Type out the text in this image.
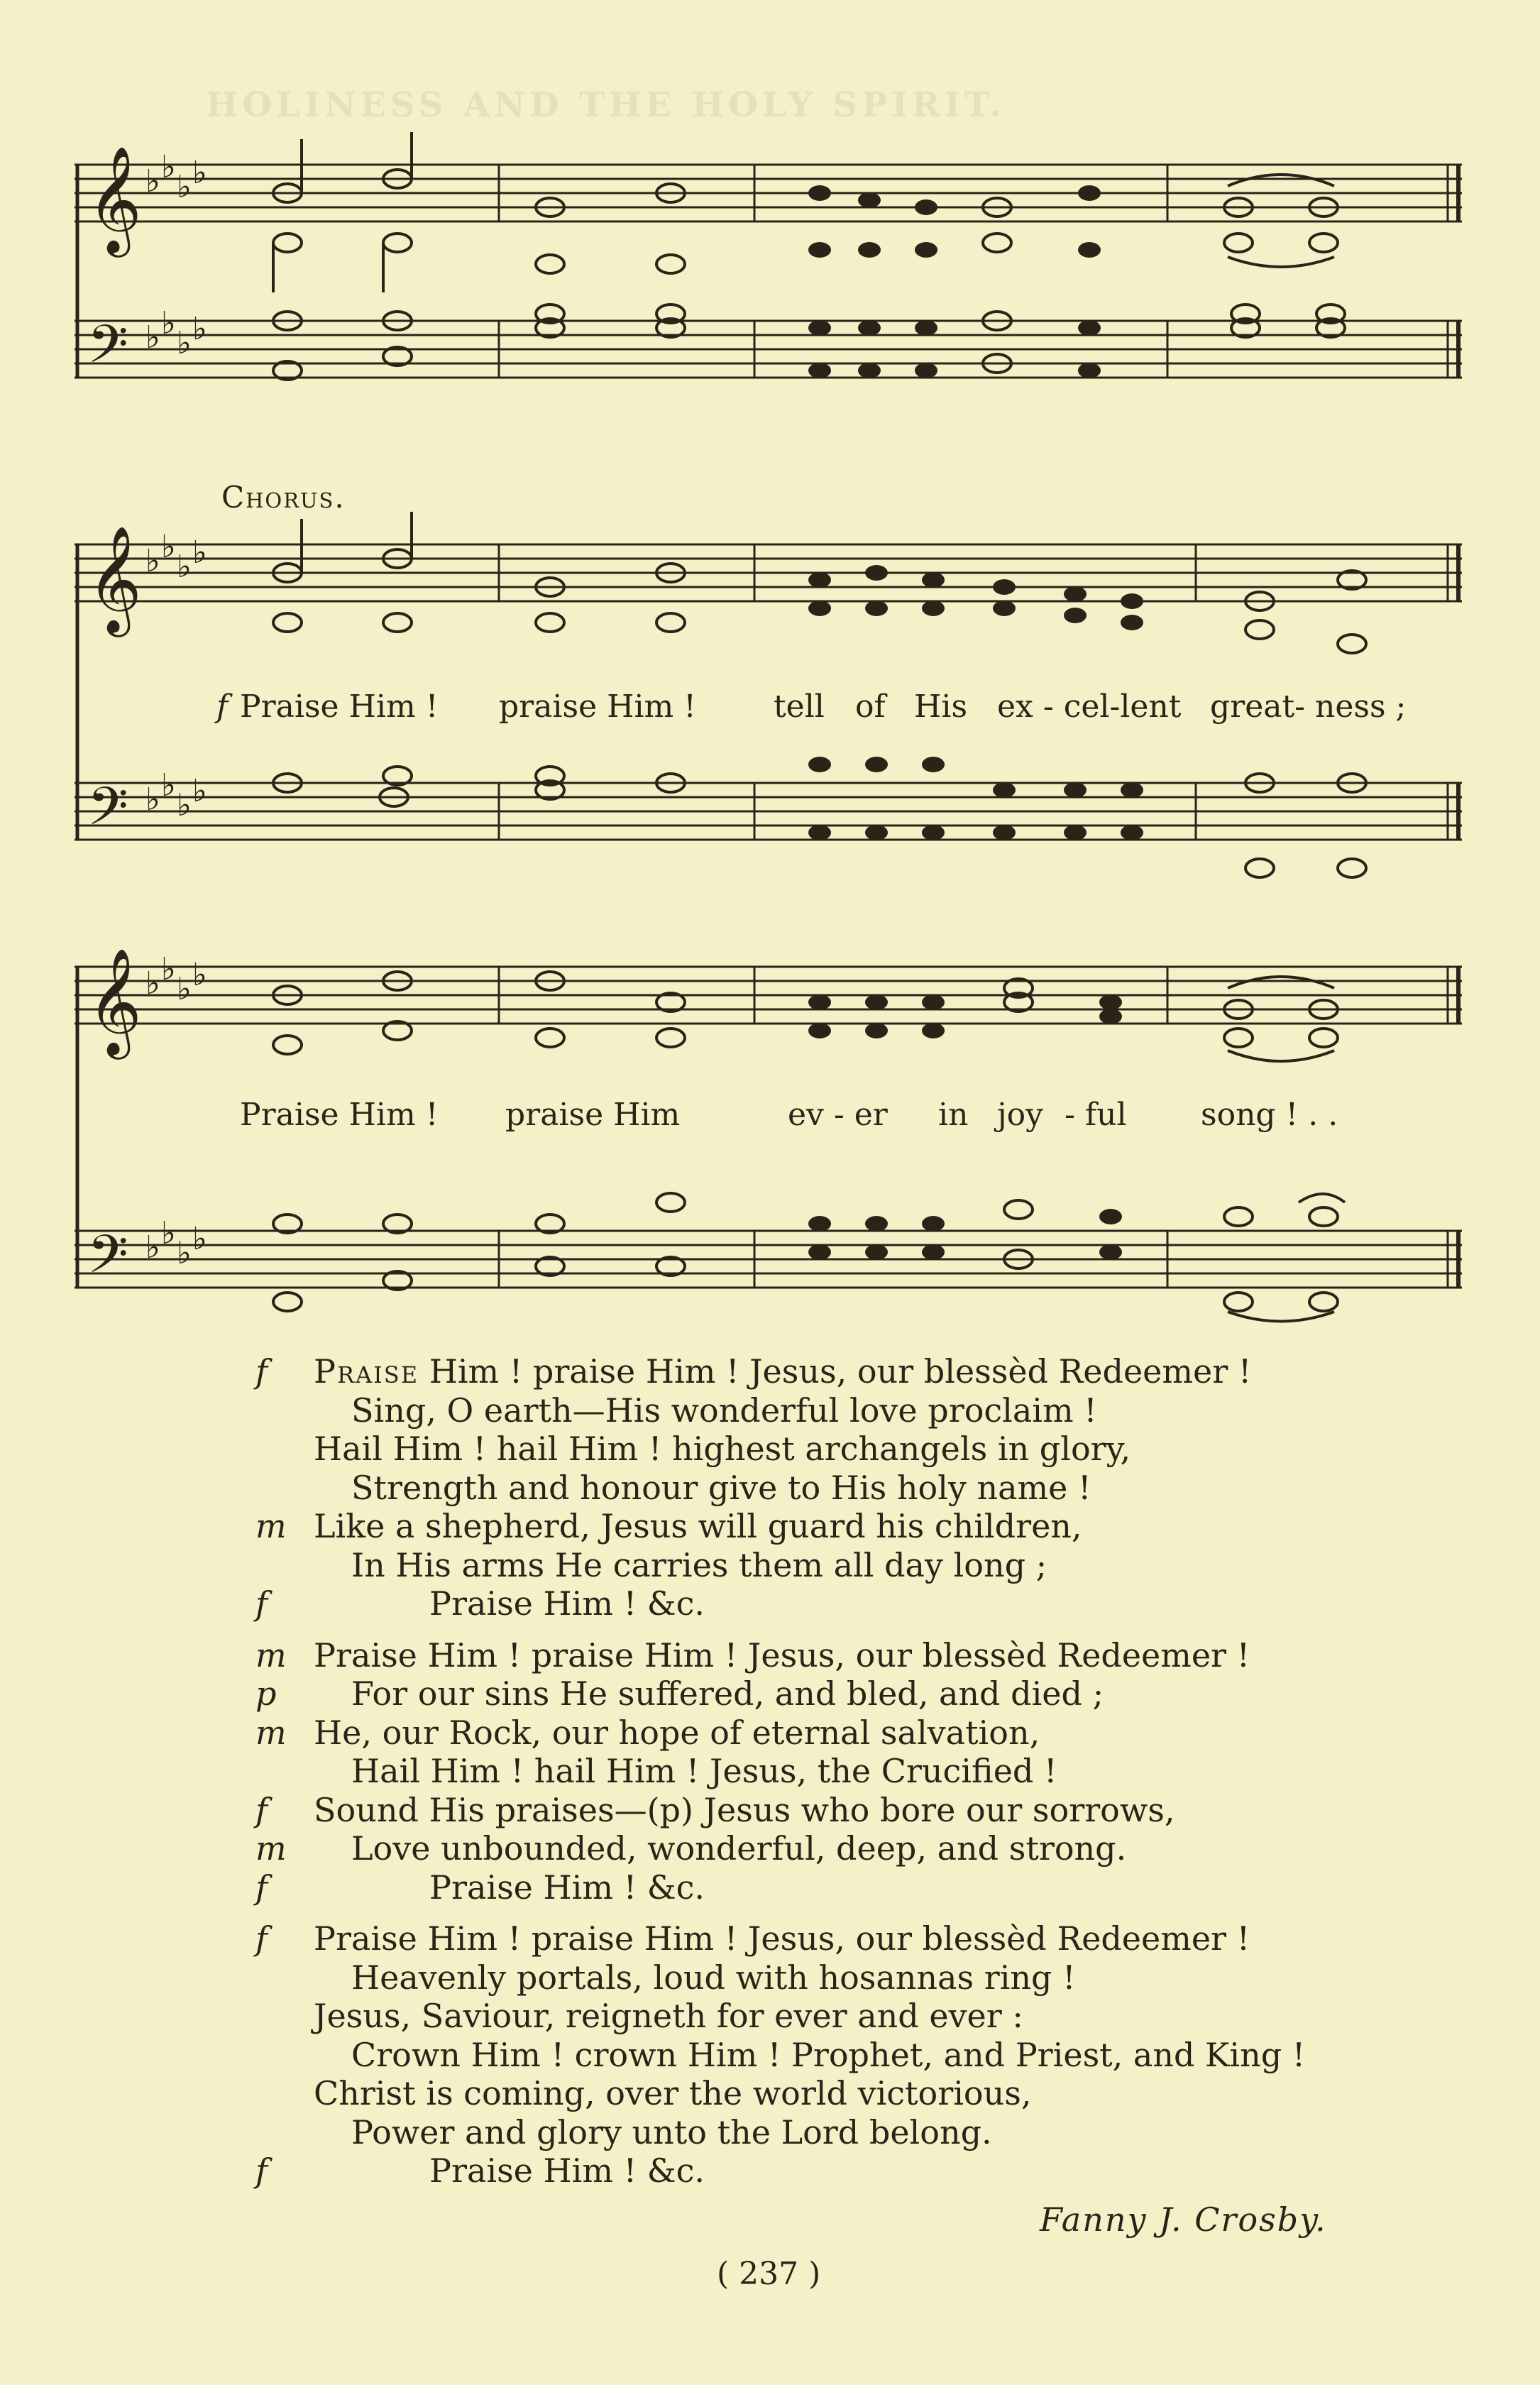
HOLINESS AND THE HOLY SPIRIT.
𝄞
𝄢
♭ ♭
♭ ♭
♭ ♭
♭ ♭
Chorus.
𝄞
𝄢
♭ ♭
♭ ♭
♭ ♭
♭ ♭
f Praise Him ! praise Him ! tell of His ex - cel-lent great- ness ;
𝄞
𝄢
♭ ♭
♭ ♭
♭ ♭
♭ ♭
Praise Him ! praise Him	ev - er in joy - ful song ! . .
f	Praise Him ! praise Him ! Jesus, our blessèd Redeemer !
Sing, O earth—His wonderful love proclaim !
Hail Him ! hail Him ! highest archangels in glory,
Strength and honour give to His holy name !
m Like a shepherd, Jesus will guard his children,
In His arms He carries them all day long ;
f	Praise Him ! &c.
m Praise Him ! praise Him ! Jesus, our blessèd Redeemer !
p	For our sins He suffered, and bled, and died ;
m He, our Rock, our hope of eternal salvation,
Hail Him ! hail Him ! Jesus, the Crucified !
f	Sound His praises—(p) Jesus who bore our sorrows,
m	Love unbounded, wonderful, deep, and strong.
f	Praise Him ! &c.
f	Praise Him ! praise Him ! Jesus, our blessèd Redeemer !
Heavenly portals, loud with hosannas ring !
Jesus, Saviour, reigneth for ever and ever :
Crown Him ! crown Him ! Prophet, and Priest, and King !
Christ is coming, over the world victorious,
Power and glory unto the Lord belong.
f	Praise Him ! &c.
Fanny J. Crosby.
( 237 )
